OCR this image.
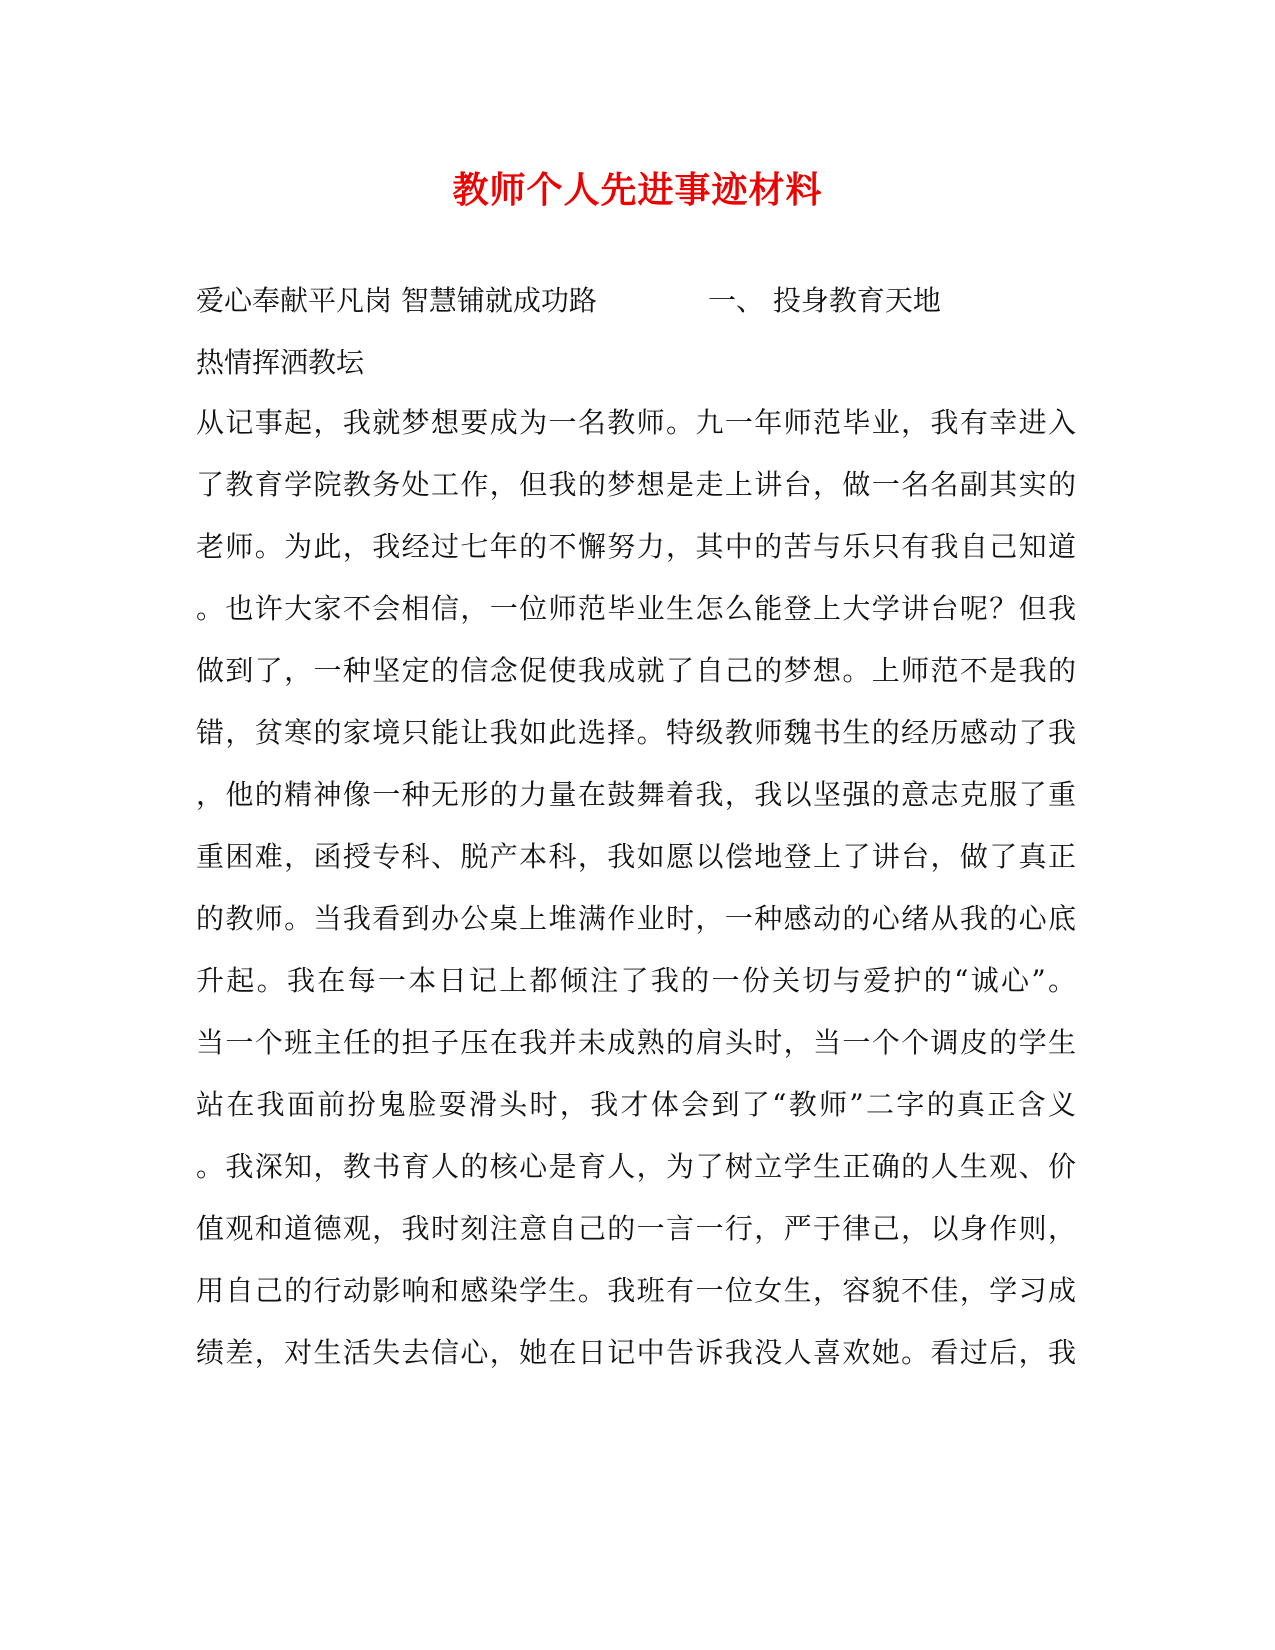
教师个人先进事迹材料
爱心奉献平凡岗 智慧铺就成功路	一、 投身教育天地

热情挥洒教坛

从记事起，我就梦想要成为一名教师。九一年师范毕业，我有幸进入

了教育学院教务处工作，但我的梦想是走上讲台，做一名名副其实的

老师。为此，我经过七年的不懈努力，其中的苦与乐只有我自己知道

。也许大家不会相信，一位师范毕业生怎么能登上大学讲台呢？但我

做到了，一种坚定的信念促使我成就了自己的梦想。上师范不是我的

错，贫寒的家境只能让我如此选择。特级教师魏书生的经历感动了我

，他的精神像一种无形的力量在鼓舞着我，我以坚强的意志克服了重

重困难，函授专科、脱产本科，我如愿以偿地登上了讲台，做了真正

的教师。当我看到办公桌上堆满作业时，一种感动的心绪从我的心底

升起。我在每一本日记上都倾注了我的一份关切与爱护的“诚心”。

当一个班主任的担子压在我并未成熟的肩头时，当一个个调皮的学生

站在我面前扮鬼脸耍滑头时，我才体会到了“教师”二字的真正含义

。我深知，教书育人的核心是育人，为了树立学生正确的人生观、价

值观和道德观，我时刻注意自己的一言一行，严于律己，以身作则，

用自己的行动影响和感染学生。我班有一位女生，容貌不佳，学习成

绩差，对生活失去信心，她在日记中告诉我没人喜欢她。看过后，我
